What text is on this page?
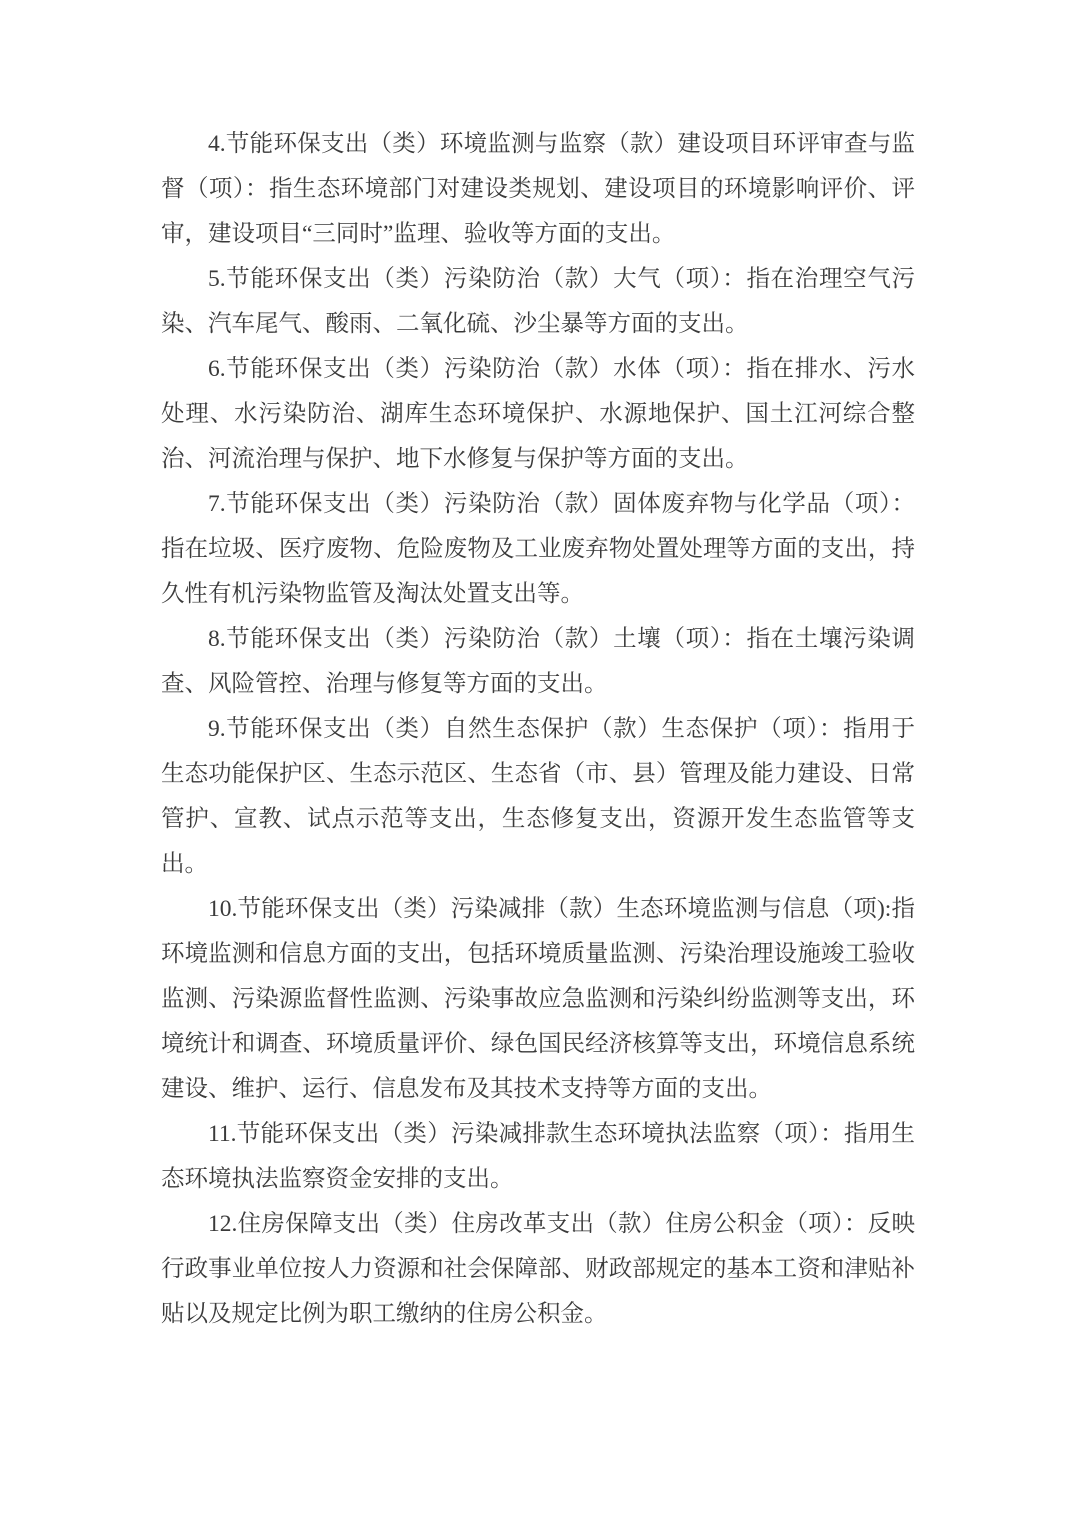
4.节能环保支出（类）环境监测与监察（款）建设项目环评审查与监督（项）：指生态环境部门对建设类规划、建设项目的环境影响评价、评审，建设项目“三同时”监理、验收等方面的支出。

5.节能环保支出（类）污染防治（款）大气（项）：指在治理空气污染、汽车尾气、酸雨、二氧化硫、沙尘暴等方面的支出。

6.节能环保支出（类）污染防治（款）水体（项）：指在排水、污水处理、水污染防治、湖库生态环境保护、水源地保护、国土江河综合整治、河流治理与保护、地下水修复与保护等方面的支出。

7.节能环保支出（类）污染防治（款）固体废弃物与化学品（项）：指在垃圾、医疗废物、危险废物及工业废弃物处置处理等方面的支出，持久性有机污染物监管及淘汰处置支出等。

8.节能环保支出（类）污染防治（款）土壤（项）：指在土壤污染调查、风险管控、治理与修复等方面的支出。

9.节能环保支出（类）自然生态保护（款）生态保护（项）：指用于生态功能保护区、生态示范区、生态省（市、县）管理及能力建设、日常管护、宣教、试点示范等支出，生态修复支出，资源开发生态监管等支出。

10.节能环保支出（类）污染减排（款）生态环境监测与信息（项):指环境监测和信息方面的支出，包括环境质量监测、污染治理设施竣工验收监测、污染源监督性监测、污染事故应急监测和污染纠纷监测等支出，环境统计和调查、环境质量评价、绿色国民经济核算等支出，环境信息系统建设、维护、运行、信息发布及其技术支持等方面的支出。

11.节能环保支出（类）污染减排款生态环境执法监察（项）：指用生态环境执法监察资金安排的支出。

12.住房保障支出（类）住房改革支出（款）住房公积金（项）：反映行政事业单位按人力资源和社会保障部、财政部规定的基本工资和津贴补贴以及规定比例为职工缴纳的住房公积金。
